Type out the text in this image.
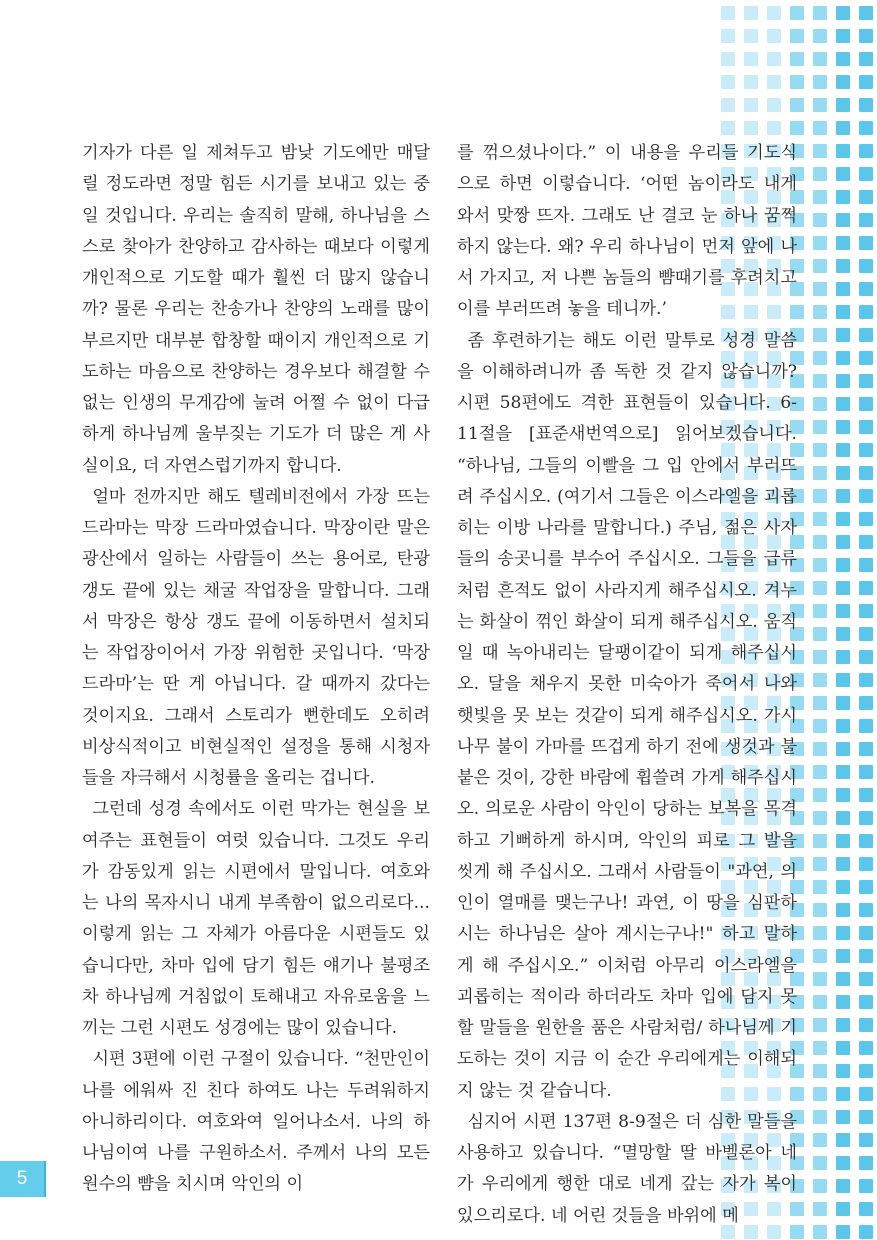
기자가 다른 일 제쳐두고 밤낮 기도에만 매달릴 정도라면 정말 힘든 시기를 보내고 있는 중일 것입니다. 우리는 솔직히 말해, 하나님을 스스로 찾아가 찬양하고 감사하는 때보다 이렇게 개인적으로 기도할 때가 훨씬 더 많지 않습니까? 물론 우리는 찬송가나 찬양의 노래를 많이 부르지만 대부분 합창할 때이지 개인적으로 기도하는 마음으로 찬양하는 경우보다 해결할 수 없는 인생의 무게감에 눌려 어쩔 수 없이 다급하게 하나님께 울부짖는 기도가 더 많은 게 사실이요, 더 자연스럽기까지 합니다.

얼마 전까지만 해도 텔레비전에서 가장 뜨는 드라마는 막장 드라마였습니다. 막장이란 말은 광산에서 일하는 사람들이 쓰는 용어로, 탄광 갱도 끝에 있는 채굴 작업장을 말합니다. 그래서 막장은 항상 갱도 끝에 이동하면서 설치되는 작업장이어서 가장 위험한 곳입니다. ‘막장 드라마’는 딴 게 아닙니다. 갈 때까지 갔다는 것이지요. 그래서 스토리가 뻔한데도 오히려 비상식적이고 비현실적인 설정을 통해 시청자들을 자극해서 시청률을 올리는 겁니다.

그런데 성경 속에서도 이런 막가는 현실을 보여주는 표현들이 여럿 있습니다. 그것도 우리가 감동있게 읽는 시편에서 말입니다. 여호와는 나의 목자시니 내게 부족함이 없으리로다... 이렇게 읽는 그 자체가 아름다운 시편들도 있습니다만, 차마 입에 담기 힘든 얘기나 불평조차 하나님께 거침없이 토해내고 자유로움을 느끼는 그런 시편도 성경에는 많이 있습니다.

시편 3편에 이런 구절이 있습니다. “천만인이 나를 에워싸 진 친다 하여도 나는 두려워하지 아니하리이다. 여호와여 일어나소서. 나의 하나님이여 나를 구원하소서. 주께서 나의 모든 원수의 뺨을 치시며 악인의 이

를 꺾으셨나이다.” 이 내용을 우리들 기도식으로 하면 이렇습니다. ‘어떤 놈이라도 내게 와서 맞짱 뜨자. 그래도 난 결코 눈 하나 꿈쩍하지 않는다. 왜? 우리 하나님이 먼저 앞에 나서 가지고, 저 나쁜 놈들의 뺨때기를 후려치고 이를 부러뜨려 놓을 테니까.’

좀 후련하기는 해도 이런 말투로 성경 말씀을 이해하려니까 좀 독한 것 같지 않습니까? 시편 58편에도 격한 표현들이 있습니다. 6-11절을 [표준새번역으로] 읽어보겠습니다. “하나님, 그들의 이빨을 그 입 안에서 부러뜨려 주십시오. (여기서 그들은 이스라엘을 괴롭히는 이방 나라를 말합니다.) 주님, 젊은 사자들의 송곳니를 부수어 주십시오. 그들을 급류처럼 흔적도 없이 사라지게 해주십시오. 겨누는 화살이 꺾인 화살이 되게 해주십시오. 움직일 때 녹아내리는 달팽이같이 되게 해주십시오. 달을 채우지 못한 미숙아가 죽어서 나와 햇빛을 못 보는 것같이 되게 해주십시오. 가시나무 불이 가마를 뜨겁게 하기 전에 생것과 불붙은 것이, 강한 바람에 휩쓸려 가게 해주십시오. 의로운 사람이 악인이 당하는 보복을 목격하고 기뻐하게 하시며, 악인의 피로 그 발을 씻게 해 주십시오. 그래서 사람들이 "과연, 의인이 열매를 맺는구나! 과연, 이 땅을 심판하시는 하나님은 살아 계시는구나!" 하고 말하게 해 주십시오.” 이처럼 아무리 이스라엘을 괴롭히는 적이라 하더라도 차마 입에 담지 못할 말들을 원한을 품은 사람처럼/ 하나님께 기도하는 것이 지금 이 순간 우리에게는 이해되지 않는 것 같습니다.

심지어 시편 137편 8-9절은 더 심한 말들을 사용하고 있습니다. “멸망할 딸 바벨론아 네가 우리에게 행한 대로 네게 갚는 자가 복이 있으리로다. 네 어린 것들을 바위에 메

5
